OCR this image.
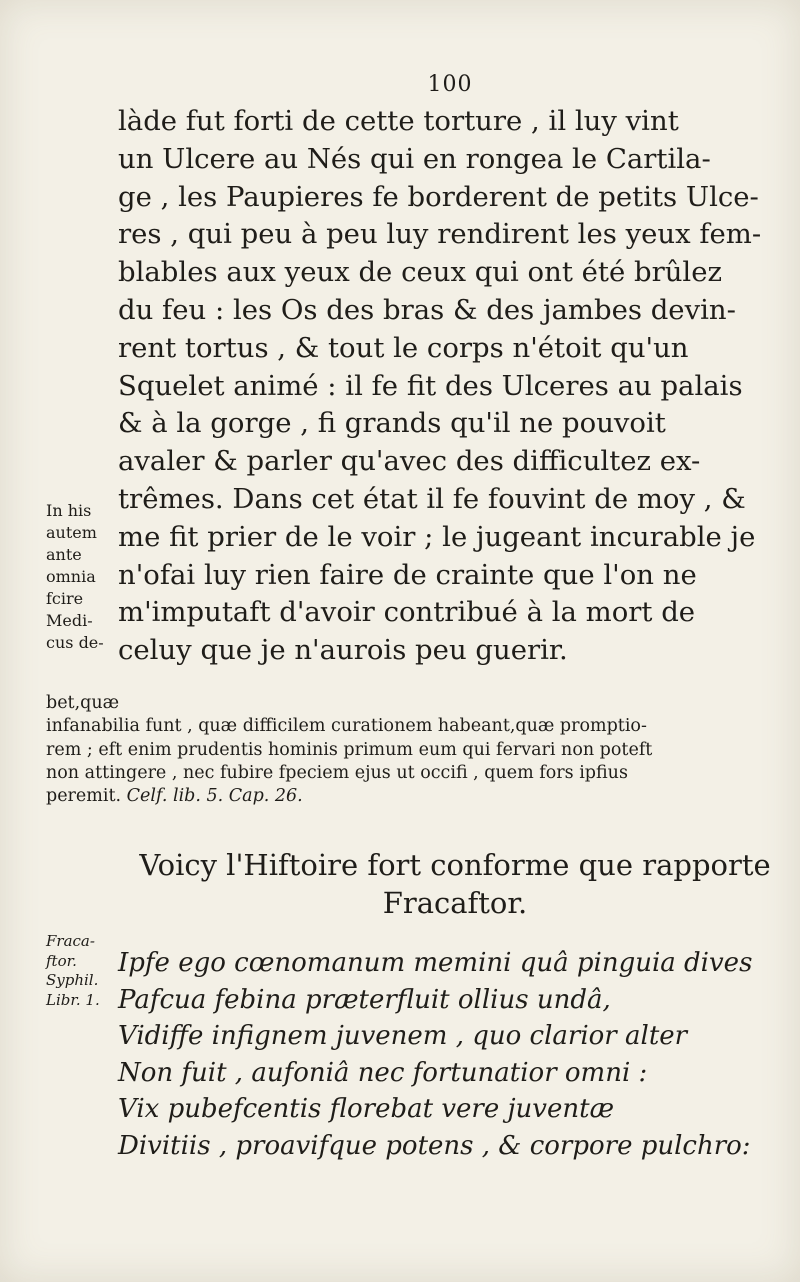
100
làde fut forti de cette torture , il luy vint
un Ulcere au Nés qui en rongea le Cartila-
ge , les Paupieres fe borderent de petits Ulce-
res , qui peu à peu luy rendirent les yeux fem-
blables aux yeux de ceux qui ont été brûlez
du feu : les Os des bras & des jambes devin-
rent tortus , & tout le corps n'étoit qu'un
Squelet animé : il fe fit des Ulceres au palais
& à la gorge , fi grands qu'il ne pouvoit
avaler & parler qu'avec des difficultez ex-
trêmes. Dans cet état il fe fouvint de moy , &
me fit prier de le voir ; le jugeant incurable je
n'ofai luy rien faire de crainte que l'on ne
m'imputaft d'avoir contribué à la mort de
celuy que je n'aurois peu guerir.
In his
autem
ante
omnia
fcire
Medi-
cus de-
bet,quæ
infanabilia funt , quæ difficilem curationem habeant,quæ promptio-
rem ; eft enim prudentis hominis primum eum qui fervari non poteft
non attingere , nec fubire fpeciem ejus ut occifi , quem fors ipfius
peremit. Celf. lib. 5. Cap. 26.
Voicy l'Hiftoire fort conforme que rapporte
Fracaftor.
Fraca-
ftor.
Syphil.
Libr. 1.
Ipfe ego cœnomanum memini quâ pinguia dives
Pafcua febina præterfluit ollius undâ,
Vidiffe infignem juvenem , quo clarior alter
Non fuit , aufoniâ nec fortunatior omni :
Vix pubefcentis florebat vere juventæ
Divitiis , proavifque potens , & corpore pulchro:
